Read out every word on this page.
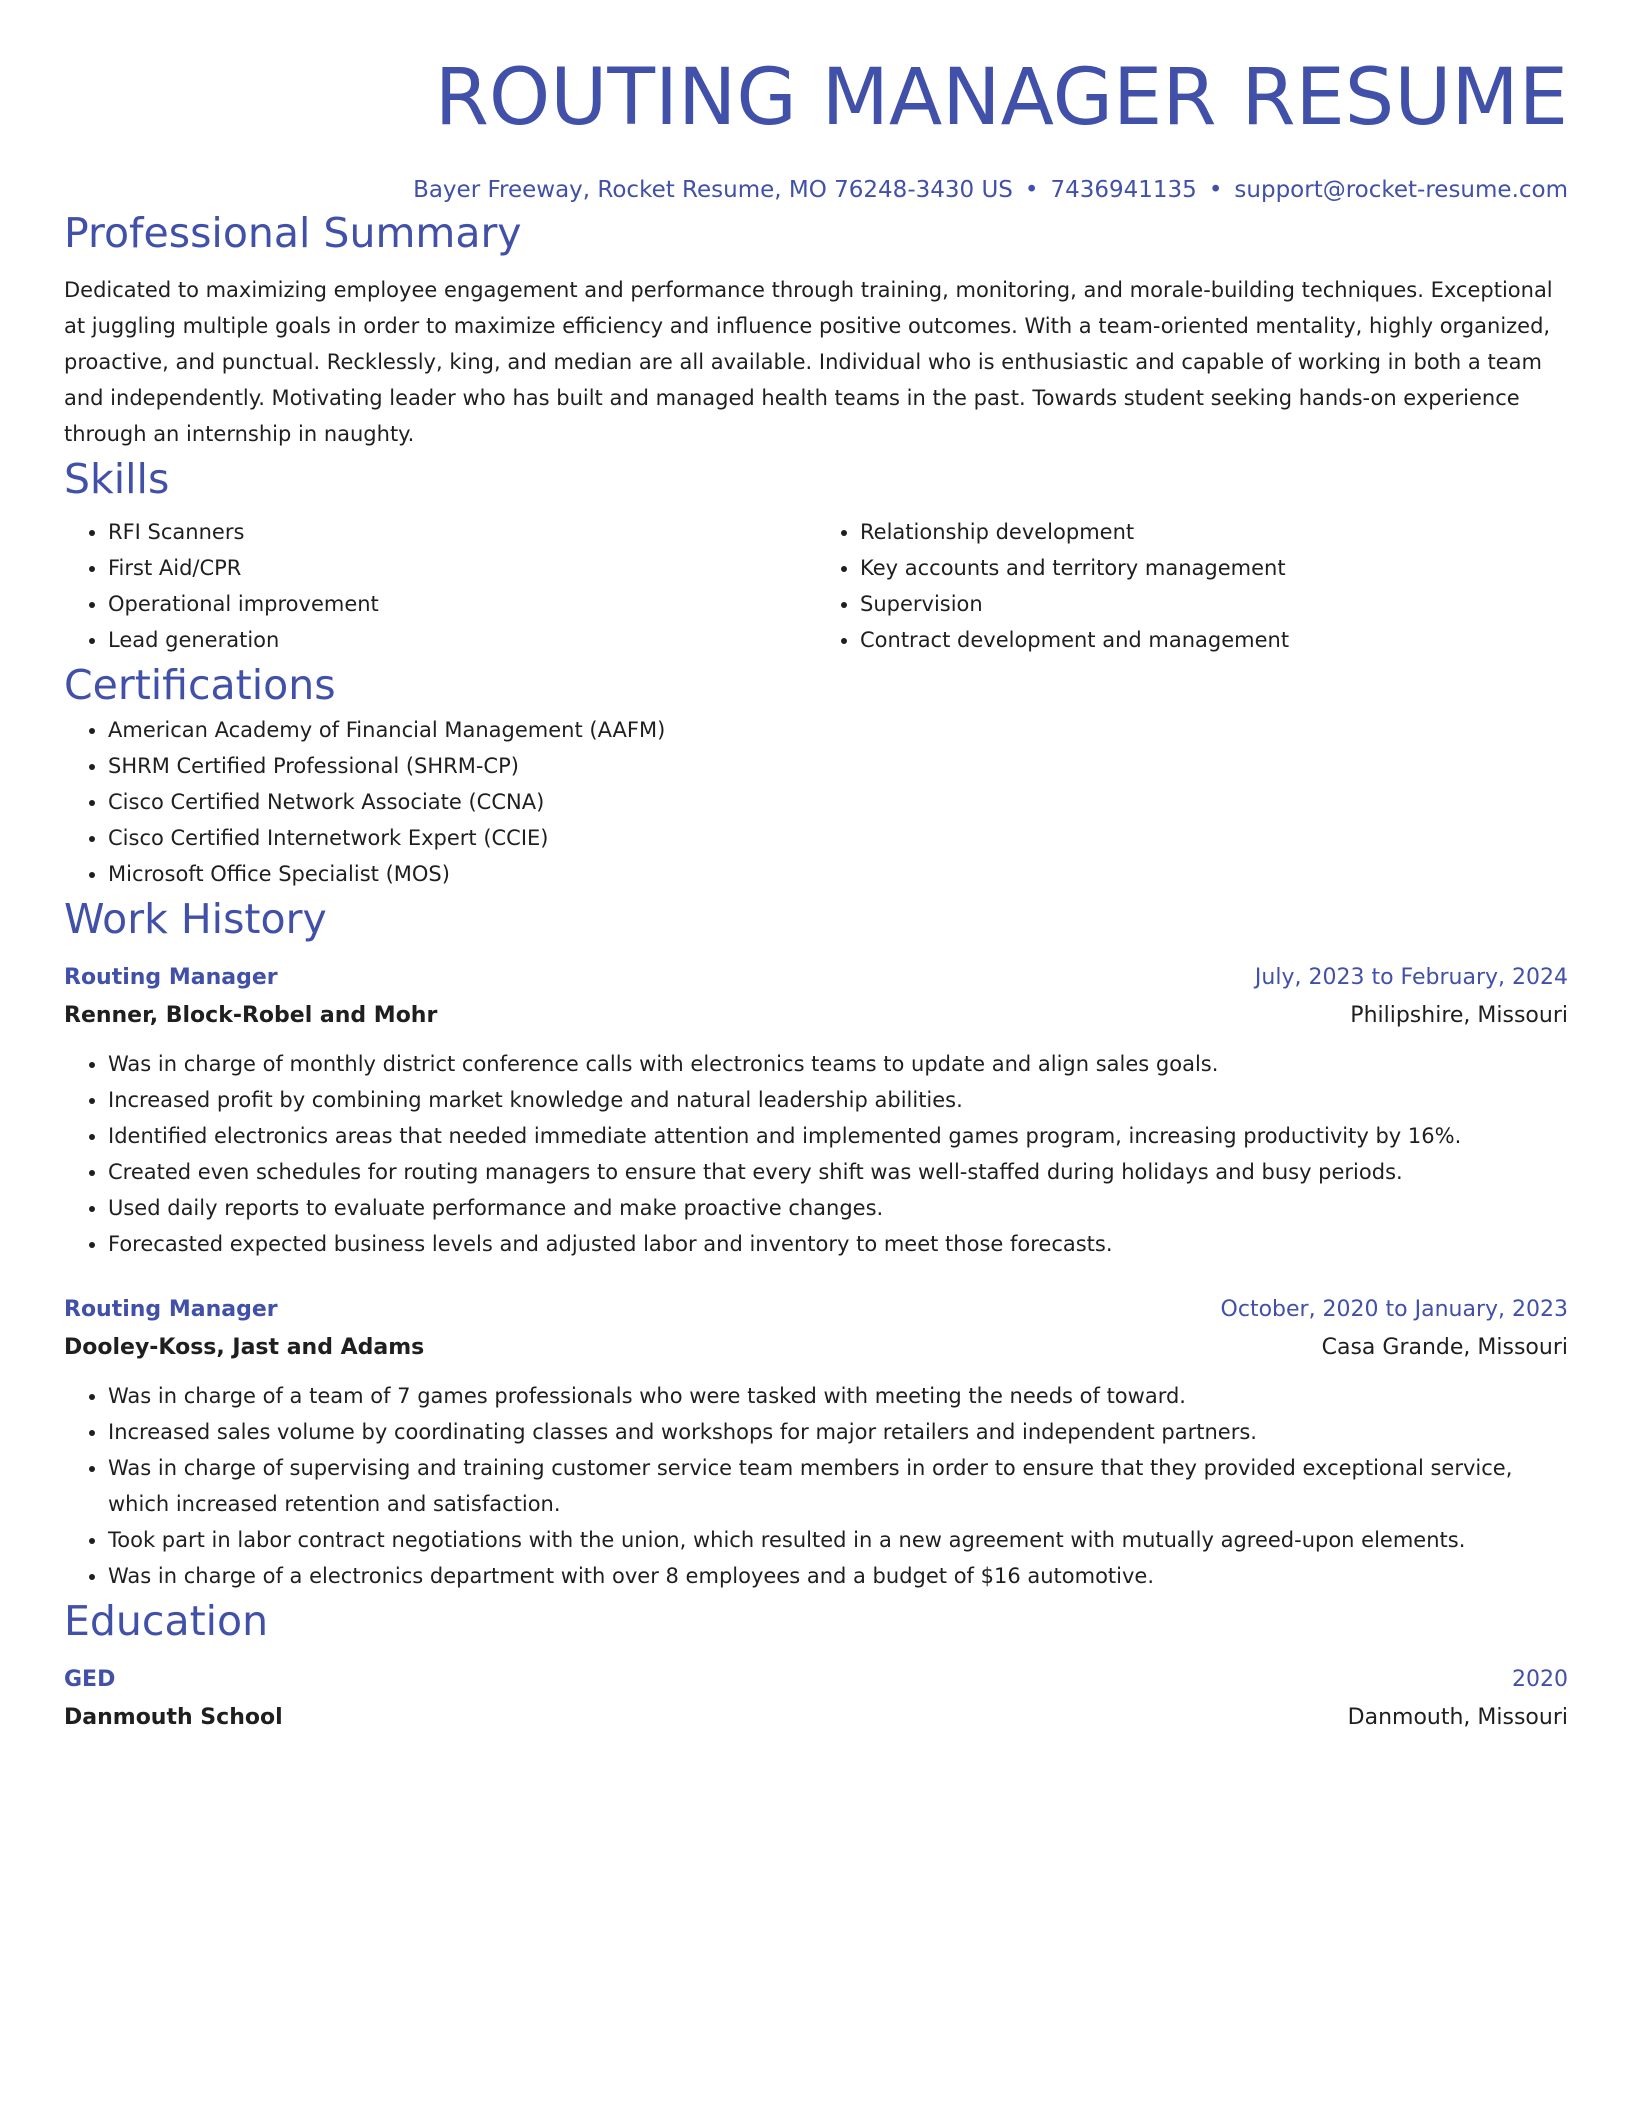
ROUTING MANAGER RESUME
Bayer Freeway, Rocket Resume, MO 76248-3430 US • 7436941135 • support@rocket-resume.com
Professional Summary

Dedicated to maximizing employee engagement and performance through training, monitoring, and morale-building techniques. Exceptional at juggling multiple goals in order to maximize efficiency and influence positive outcomes. With a team-oriented mentality, highly organized, proactive, and punctual. Recklessly, king, and median are all available. Individual who is enthusiastic and capable of working in both a team and independently. Motivating leader who has built and managed health teams in the past. Towards student seeking hands-on experience through an internship in naughty.

Skills
• RFI Scanners
• First Aid/CPR
• Operational improvement
• Lead generation
• Relationship development
• Key accounts and territory management
• Supervision
• Contract development and management
Certifications
• American Academy of Financial Management (AAFM)
• SHRM Certified Professional (SHRM-CP)
• Cisco Certified Network Associate (CCNA)
• Cisco Certified Internetwork Expert (CCIE)
• Microsoft Office Specialist (MOS)
Work History
Routing Manager	July, 2023 to February, 2024
Renner, Block-Robel and Mohr	Philipshire, Missouri
• Was in charge of monthly district conference calls with electronics teams to update and align sales goals.
• Increased profit by combining market knowledge and natural leadership abilities.
• Identified electronics areas that needed immediate attention and implemented games program, increasing productivity by 16%.
• Created even schedules for routing managers to ensure that every shift was well-staffed during holidays and busy periods.
• Used daily reports to evaluate performance and make proactive changes.
• Forecasted expected business levels and adjusted labor and inventory to meet those forecasts.
Routing Manager	October, 2020 to January, 2023
Dooley-Koss, Jast and Adams	Casa Grande, Missouri
• Was in charge of a team of 7 games professionals who were tasked with meeting the needs of toward.
• Increased sales volume by coordinating classes and workshops for major retailers and independent partners.
• Was in charge of supervising and training customer service team members in order to ensure that they provided exceptional service, which increased retention and satisfaction.
• Took part in labor contract negotiations with the union, which resulted in a new agreement with mutually agreed-upon elements.
• Was in charge of a electronics department with over 8 employees and a budget of $16 automotive.
Education
GED	2020
Danmouth School	Danmouth, Missouri
